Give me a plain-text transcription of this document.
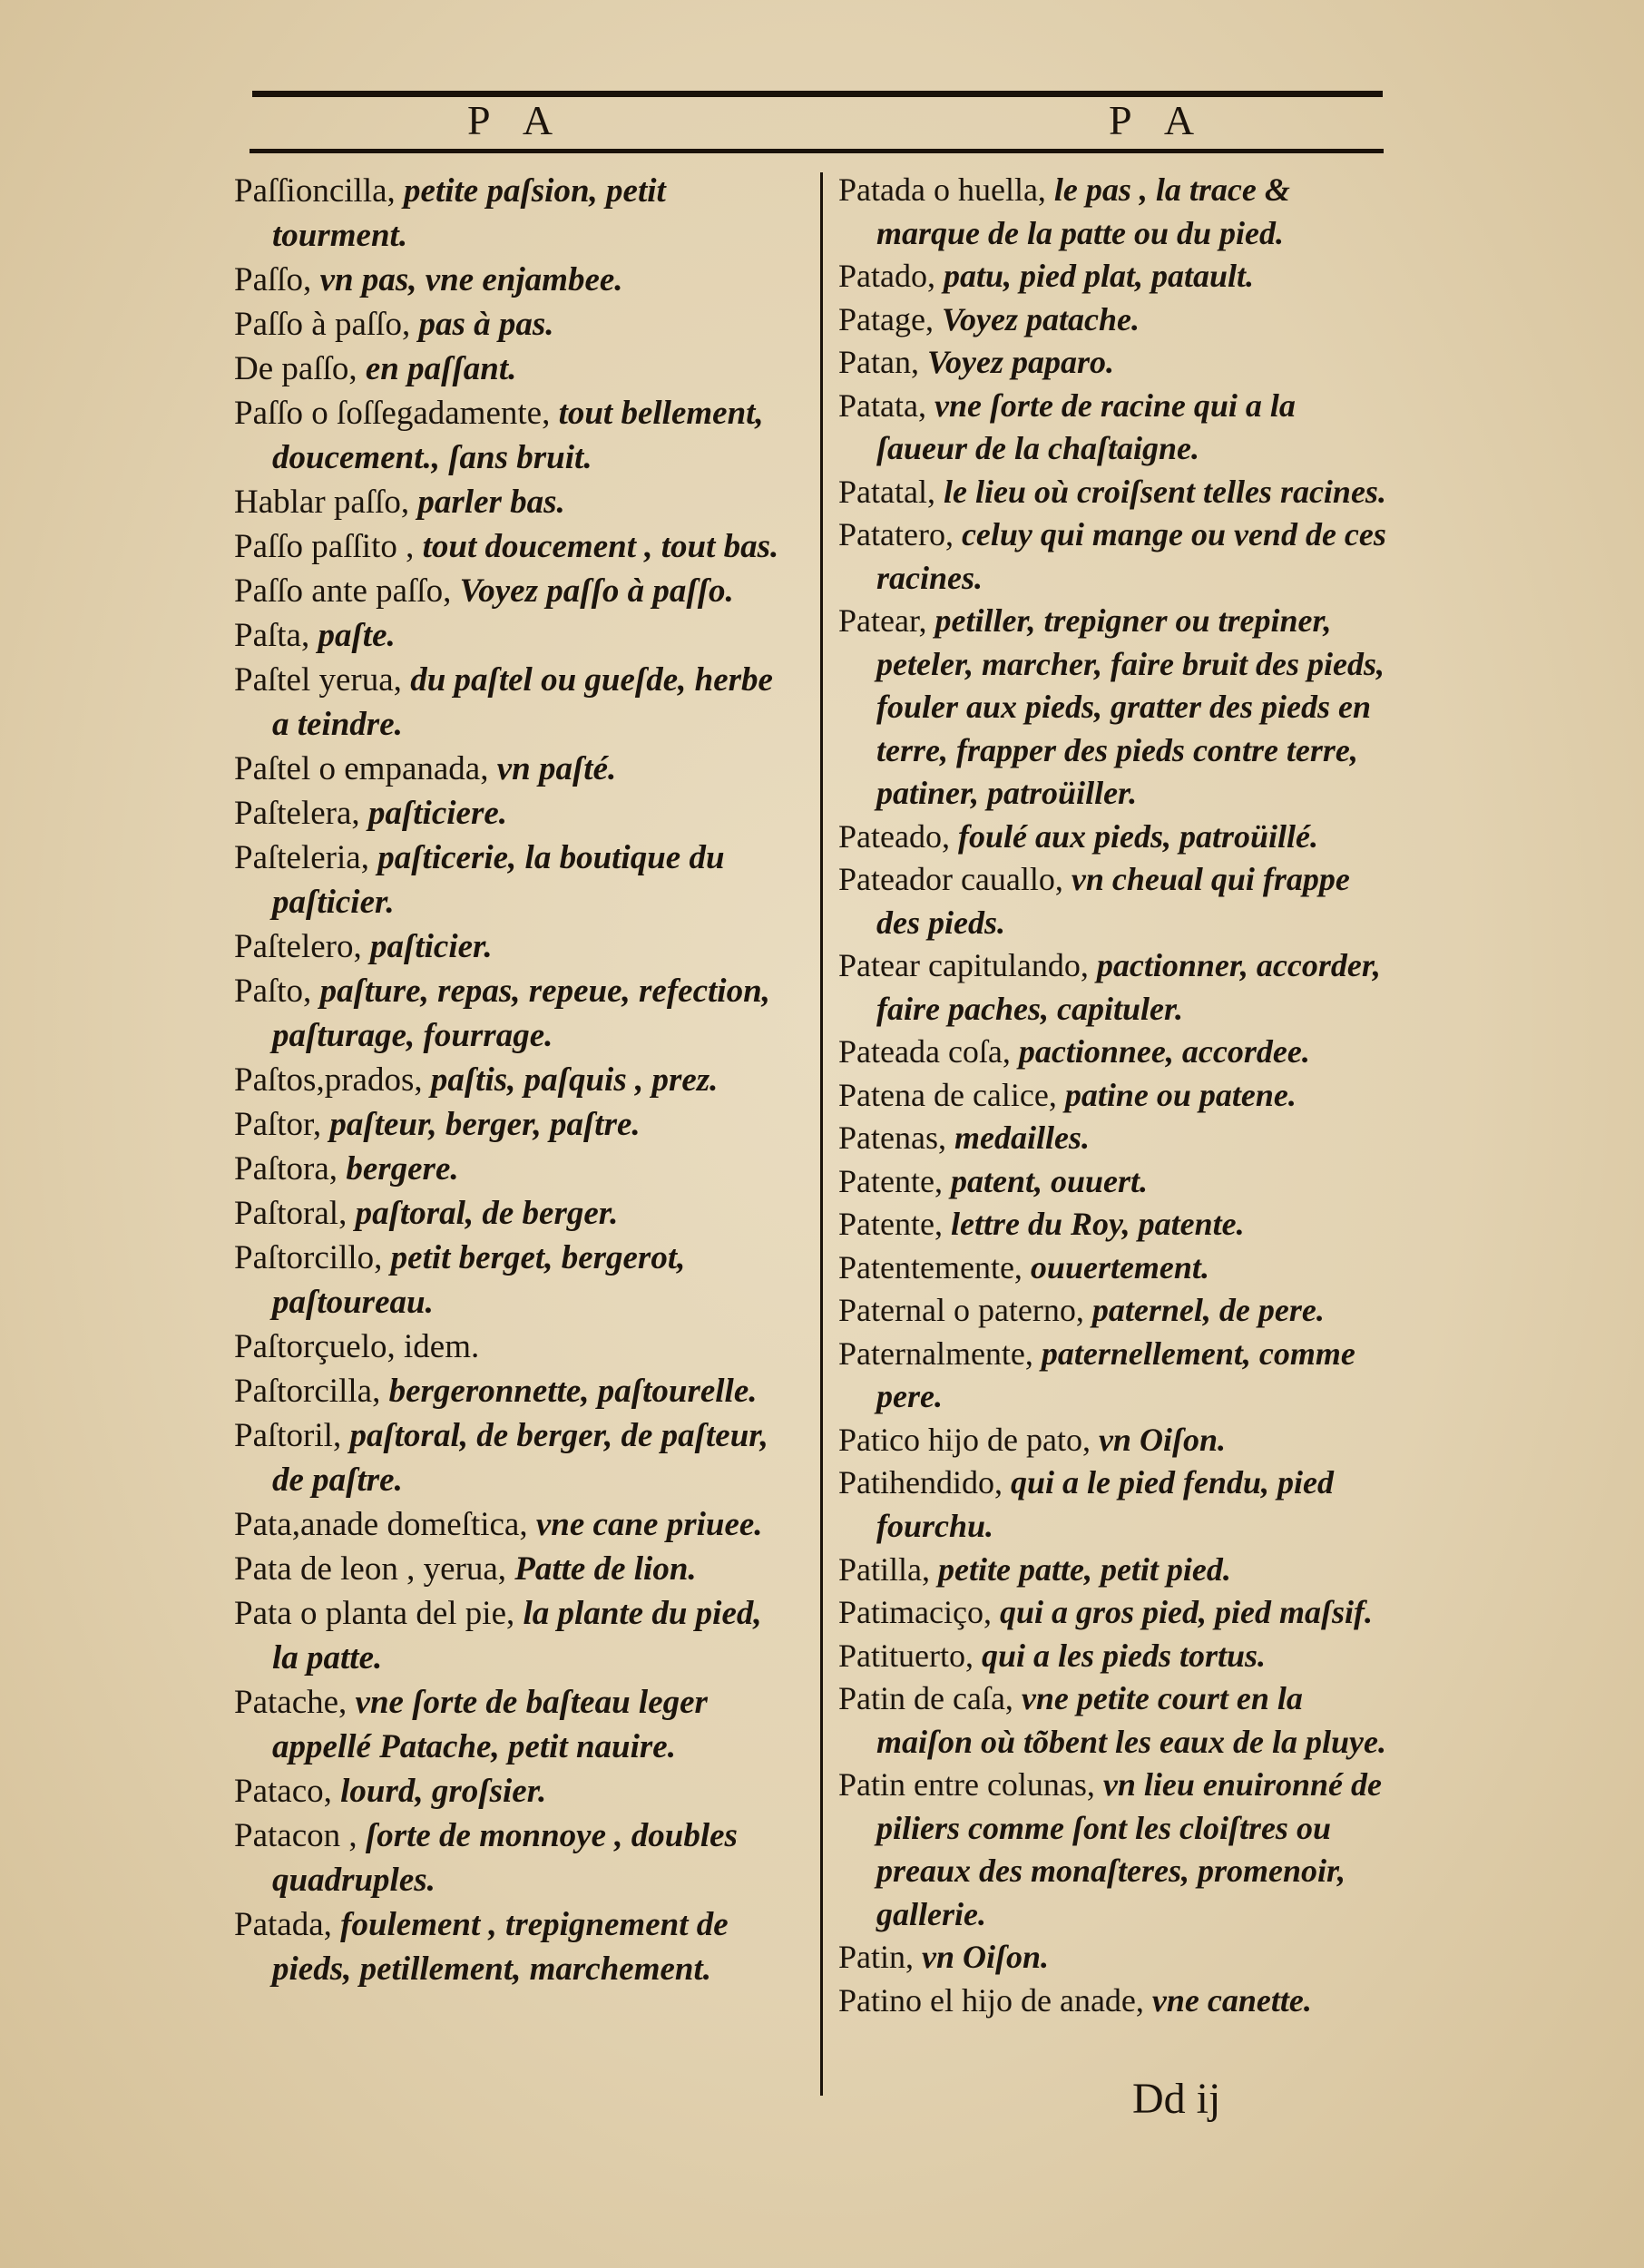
P A	P A

Paſſioncilla, petite paſsion, petit tourment.

Paſſo, vn pas, vne enjambee.

Paſſo à paſſo, pas à pas.

De paſſo, en paſſant.

Paſſo o ſoſſegadamente, tout bellement, doucement., ſans bruit.

Hablar paſſo, parler bas.

Paſſo paſſito , tout doucement , tout bas.

Paſſo ante paſſo, Voyez paſſo à paſſo.

Paſta, paſte.

Paſtel yerua, du paſtel ou gueſde, herbe a teindre.

Paſtel o empanada, vn paſté.

Paſtelera, paſticiere.

Paſteleria, paſticerie, la boutique du paſticier.

Paſtelero, paſticier.

Paſto, paſture, repas, repeue, refection, paſturage, fourrage.

Paſtos,prados, paſtis, paſquis , prez.

Paſtor, paſteur, berger, paſtre.

Paſtora, bergere.

Paſtoral, paſtoral, de berger.

Paſtorcillo, petit berget, bergerot, paſtoureau.

Paſtorçuelo, idem.

Paſtorcilla, bergeronnette, paſtourelle.

Paſtoril, paſtoral, de berger, de paſteur, de paſtre.

Pata,anade domeſtica, vne cane priuee.

Pata de leon , yerua, Patte de lion.

Pata o planta del pie, la plante du pied, la patte.

Patache, vne ſorte de baſteau leger appellé Patache, petit nauire.

Pataco, lourd, groſsier.

Patacon , ſorte de monnoye , doubles quadruples.

Patada, foulement , trepignement de pieds, petillement, marchement.

Patada o huella, le pas , la trace & marque de la patte ou du pied.

Patado, patu, pied plat, patault.

Patage, Voyez patache.

Patan, Voyez paparo.

Patata, vne ſorte de racine qui a la ſaueur de la chaſtaigne.

Patatal, le lieu où croiſsent telles racines.

Patatero, celuy qui mange ou vend de ces racines.

Patear, petiller, trepigner ou trepiner, peteler, marcher, faire bruit des pieds, fouler aux pieds, gratter des pieds en terre, frapper des pieds contre terre, patiner, patroüiller.

Pateado, foulé aux pieds, patroüillé.

Pateador cauallo, vn cheual qui frappe des pieds.

Patear capitulando, pactionner, accorder, faire paches, capituler.

Pateada coſa, pactionnee, accordee.

Patena de calice, patine ou patene.

Patenas, medailles.

Patente, patent, ouuert.

Patente, lettre du Roy, patente.

Patentemente, ouuertement.

Paternal o paterno, paternel, de pere.

Paternalmente, paternellement, comme pere.

Patico hijo de pato, vn Oiſon.

Patihendido, qui a le pied fendu, pied fourchu.

Patilla, petite patte, petit pied.

Patimaciço, qui a gros pied, pied maſsif.

Patituerto, qui a les pieds tortus.

Patin de caſa, vne petite court en la maiſon où tõbent les eaux de la pluye.

Patin entre colunas, vn lieu enuironné de piliers comme ſont les cloiſtres ou preaux des monaſteres, promenoir, gallerie.

Patin, vn Oiſon.

Patino el hijo de anade, vne canette.

Dd ij
